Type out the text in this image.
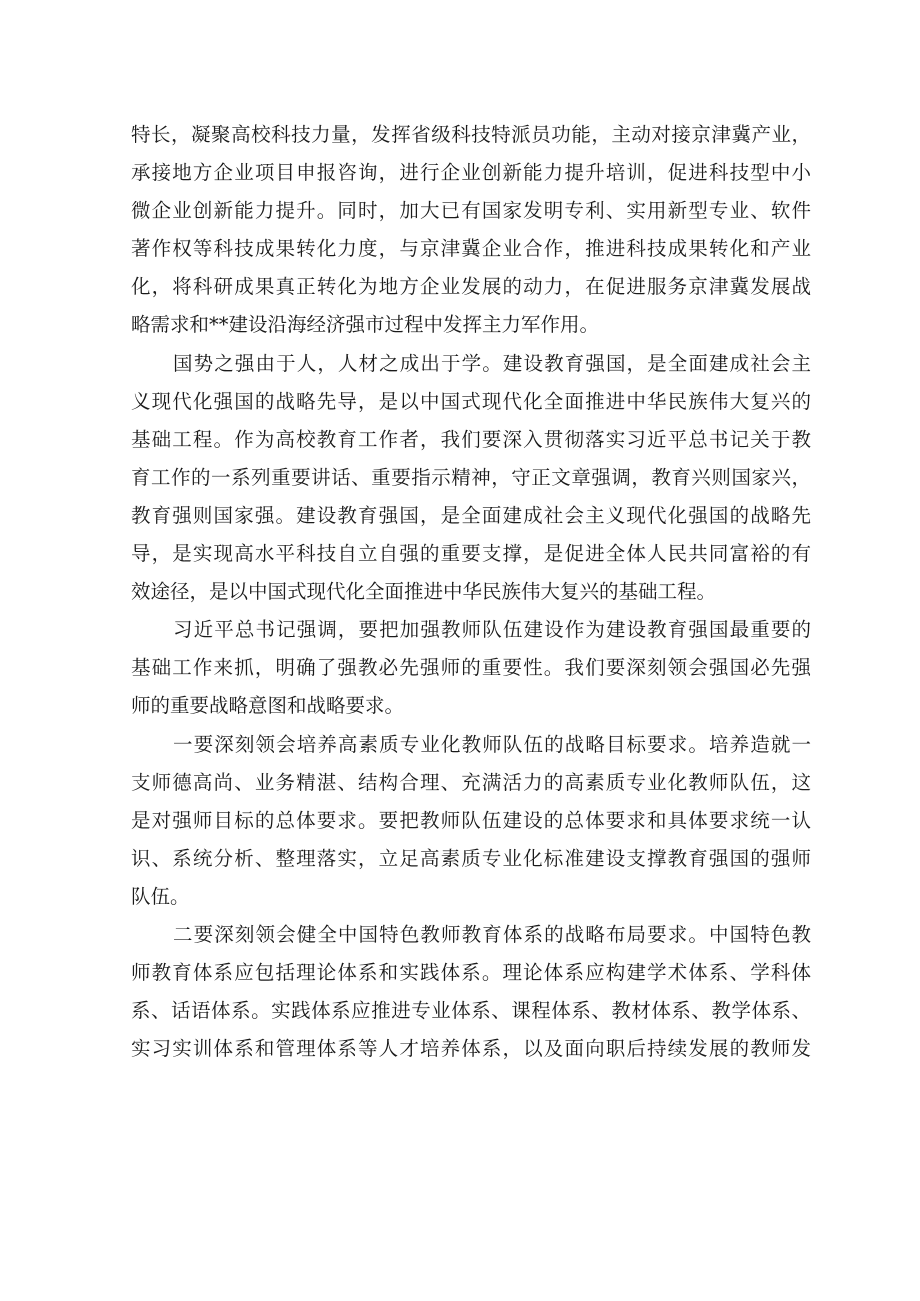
特长，凝聚高校科技力量，发挥省级科技特派员功能，主动对接京津冀产业，
承接地方企业项目申报咨询，进行企业创新能力提升培训，促进科技型中小
微企业创新能力提升。同时，加大已有国家发明专利、实用新型专业、软件
著作权等科技成果转化力度，与京津冀企业合作，推进科技成果转化和产业
化，将科研成果真正转化为地方企业发展的动力，在促进服务京津冀发展战
略需求和**建设沿海经济强市过程中发挥主力军作用。
国势之强由于人，人材之成出于学。建设教育强国，是全面建成社会主
义现代化强国的战略先导，是以中国式现代化全面推进中华民族伟大复兴的
基础工程。作为高校教育工作者，我们要深入贯彻落实习近平总书记关于教
育工作的一系列重要讲话、重要指示精神，守正文章强调，教育兴则国家兴，
教育强则国家强。建设教育强国，是全面建成社会主义现代化强国的战略先
导，是实现高水平科技自立自强的重要支撑，是促进全体人民共同富裕的有
效途径，是以中国式现代化全面推进中华民族伟大复兴的基础工程。
习近平总书记强调，要把加强教师队伍建设作为建设教育强国最重要的
基础工作来抓，明确了强教必先强师的重要性。我们要深刻领会强国必先强
师的重要战略意图和战略要求。
一要深刻领会培养高素质专业化教师队伍的战略目标要求。培养造就一
支师德高尚、业务精湛、结构合理、充满活力的高素质专业化教师队伍，这
是对强师目标的总体要求。要把教师队伍建设的总体要求和具体要求统一认
识、系统分析、整理落实，立足高素质专业化标准建设支撑教育强国的强师
队伍。
二要深刻领会健全中国特色教师教育体系的战略布局要求。中国特色教
师教育体系应包括理论体系和实践体系。理论体系应构建学术体系、学科体
系、话语体系。实践体系应推进专业体系、课程体系、教材体系、教学体系、
实习实训体系和管理体系等人才培养体系，以及面向职后持续发展的教师发
